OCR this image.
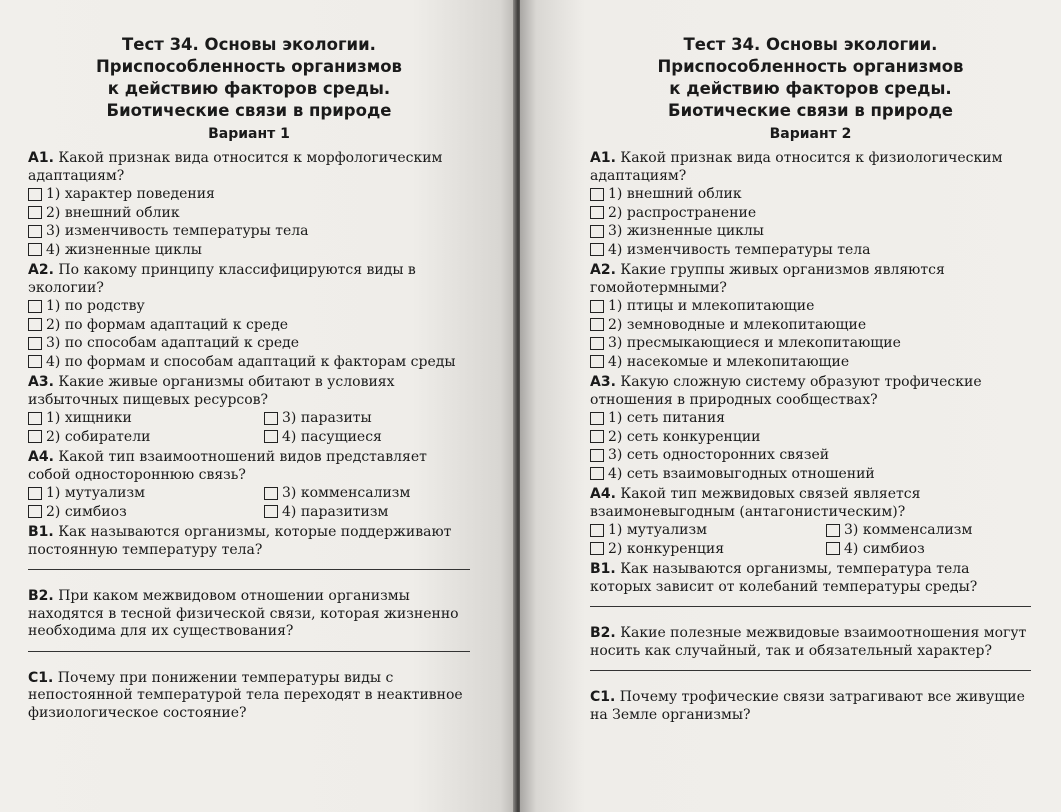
Тест 34. Основы экологии.

Приспособленность организмов

к действию факторов среды.

Биотические связи в природе

Вариант 1

А1. Какой признак вида относится к морфологическим адаптациям?

1) характер поведения
2) внешний облик
3) изменчивость температуры тела
4) жизненные циклы

А2. По какому принципу классифицируются виды в экологии?

1) по родству
2) по формам адаптаций к среде
3) по способам адаптаций к среде
4) по формам и способам адаптаций к факторам среды

А3. Какие живые организмы обитают в условиях избыточных пищевых ресурсов?

1) хищники	3) паразиты
2) собиратели	4) пасущиеся

А4. Какой тип взаимоотношений видов представляет собой одностороннюю связь?

1) мутуализм	3) комменсализм
2) симбиоз	4) паразитизм

В1. Как называются организмы, которые поддерживают постоянную температуру тела?

В2. При каком межвидовом отношении организмы находятся в тесной физической связи, которая жизненно необходима для их существования?

С1. Почему при понижении температуры виды с непостоянной температурой тела переходят в неактивное физиологическое состояние?

Тест 34. Основы экологии.

Приспособленность организмов

к действию факторов среды.

Биотические связи в природе

Вариант 2

А1. Какой признак вида относится к физиологическим адаптациям?

1) внешний облик
2) распространение
3) жизненные циклы
4) изменчивость температуры тела

А2. Какие группы живых организмов являются гомойотермными?

1) птицы и млекопитающие
2) земноводные и млекопитающие
3) пресмыкающиеся и млекопитающие
4) насекомые и млекопитающие

А3. Какую сложную систему образуют трофические отношения в природных сообществах?

1) сеть питания
2) сеть конкуренции
3) сеть односторонних связей
4) сеть взаимовыгодных отношений

А4. Какой тип межвидовых связей является взаимоневыгодным (антагонистическим)?

1) мутуализм	3) комменсализм
2) конкуренция	4) симбиоз

В1. Как называются организмы, температура тела которых зависит от колебаний температуры среды?

В2. Какие полезные межвидовые взаимоотношения могут носить как случайный, так и обязательный характер?

С1. Почему трофические связи затрагивают все живущие на Земле организмы?
